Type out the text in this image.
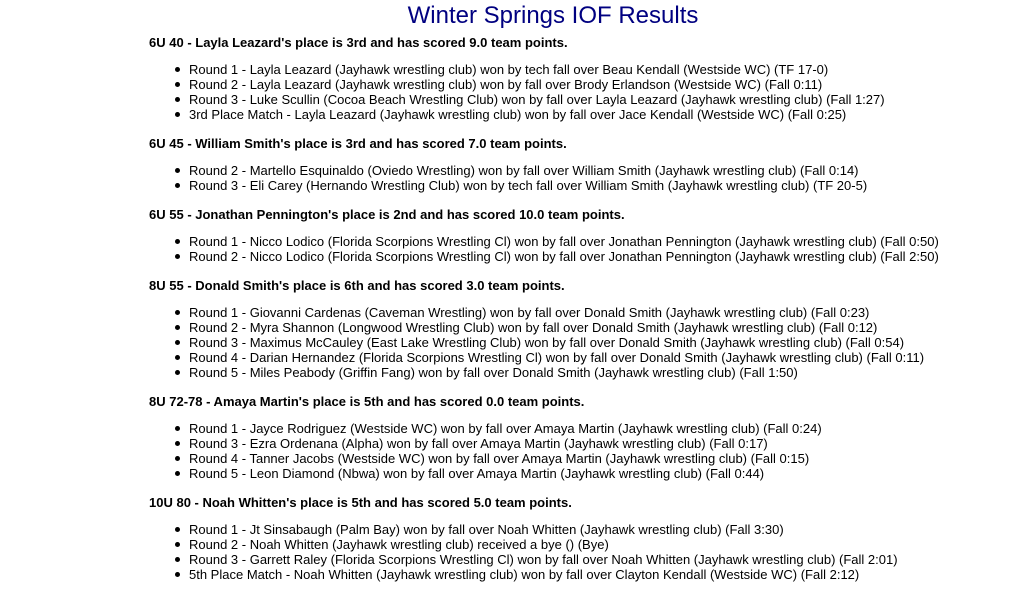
Winter Springs IOF Results
6U 40 - Layla Leazard's place is 3rd and has scored 9.0 team points.
Round 1 - Layla Leazard (Jayhawk wrestling club) won by tech fall over Beau Kendall (Westside WC) (TF 17-0)
Round 2 - Layla Leazard (Jayhawk wrestling club) won by fall over Brody Erlandson (Westside WC) (Fall 0:11)
Round 3 - Luke Scullin (Cocoa Beach Wrestling Club) won by fall over Layla Leazard (Jayhawk wrestling club) (Fall 1:27)
3rd Place Match - Layla Leazard (Jayhawk wrestling club) won by fall over Jace Kendall (Westside WC) (Fall 0:25)
6U 45 - William Smith's place is 3rd and has scored 7.0 team points.
Round 2 - Martello Esquinaldo (Oviedo Wrestling) won by fall over William Smith (Jayhawk wrestling club) (Fall 0:14)
Round 3 - Eli Carey (Hernando Wrestling Club) won by tech fall over William Smith (Jayhawk wrestling club) (TF 20-5)
6U 55 - Jonathan Pennington's place is 2nd and has scored 10.0 team points.
Round 1 - Nicco Lodico (Florida Scorpions Wrestling Cl) won by fall over Jonathan Pennington (Jayhawk wrestling club) (Fall 0:50)
Round 2 - Nicco Lodico (Florida Scorpions Wrestling Cl) won by fall over Jonathan Pennington (Jayhawk wrestling club) (Fall 2:50)
8U 55 - Donald Smith's place is 6th and has scored 3.0 team points.
Round 1 - Giovanni Cardenas (Caveman Wrestling) won by fall over Donald Smith (Jayhawk wrestling club) (Fall 0:23)
Round 2 - Myra Shannon (Longwood Wrestling Club) won by fall over Donald Smith (Jayhawk wrestling club) (Fall 0:12)
Round 3 - Maximus McCauley (East Lake Wrestling Club) won by fall over Donald Smith (Jayhawk wrestling club) (Fall 0:54)
Round 4 - Darian Hernandez (Florida Scorpions Wrestling Cl) won by fall over Donald Smith (Jayhawk wrestling club) (Fall 0:11)
Round 5 - Miles Peabody (Griffin Fang) won by fall over Donald Smith (Jayhawk wrestling club) (Fall 1:50)
8U 72-78 - Amaya Martin's place is 5th and has scored 0.0 team points.
Round 1 - Jayce Rodriguez (Westside WC) won by fall over Amaya Martin (Jayhawk wrestling club) (Fall 0:24)
Round 3 - Ezra Ordenana (Alpha) won by fall over Amaya Martin (Jayhawk wrestling club) (Fall 0:17)
Round 4 - Tanner Jacobs (Westside WC) won by fall over Amaya Martin (Jayhawk wrestling club) (Fall 0:15)
Round 5 - Leon Diamond (Nbwa) won by fall over Amaya Martin (Jayhawk wrestling club) (Fall 0:44)
10U 80 - Noah Whitten's place is 5th and has scored 5.0 team points.
Round 1 - Jt Sinsabaugh (Palm Bay) won by fall over Noah Whitten (Jayhawk wrestling club) (Fall 3:30)
Round 2 - Noah Whitten (Jayhawk wrestling club) received a bye () (Bye)
Round 3 - Garrett Raley (Florida Scorpions Wrestling Cl) won by fall over Noah Whitten (Jayhawk wrestling club) (Fall 2:01)
5th Place Match - Noah Whitten (Jayhawk wrestling club) won by fall over Clayton Kendall (Westside WC) (Fall 2:12)
